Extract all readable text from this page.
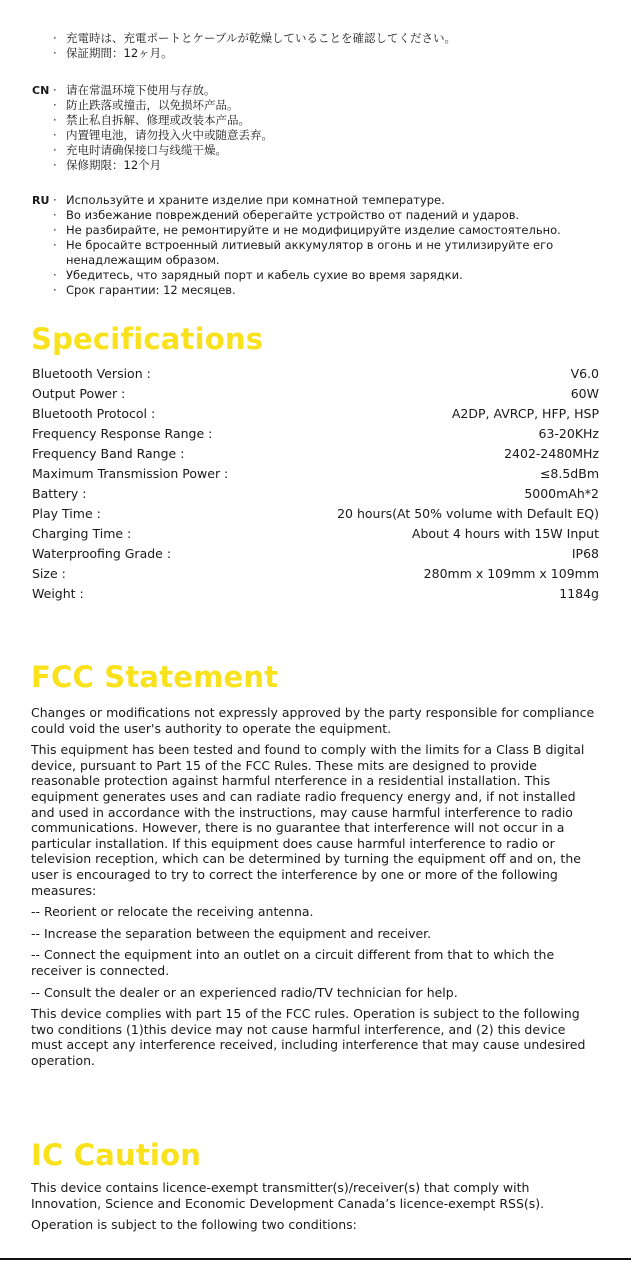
· 充電時は、充電ポートとケーブルが乾燥していることを確認してください。
· 保証期間：12ヶ月。
CN · 请在常温环境下使用与存放。
· 防止跌落或撞击，以免损坏产品。
· 禁止私自拆解、修理或改装本产品。
· 内置锂电池，请勿投入火中或随意丢弃。
· 充电时请确保接口与线缆干燥。
· 保修期限：12个月
RU · Используйте и храните изделие при комнатной температуре.
· Во избежание повреждений оберегайте устройство от падений и ударов.
· Не разбирайте, не ремонтируйте и не модифицируйте изделие самостоятельно.
· Не бросайте встроенный литиевый аккумулятор в огонь и не утилизируйте его
ненадлежащим образом.
· Убедитесь, что зарядный порт и кабель сухие во время зарядки.
· Срок гарантии: 12 месяцев.
Specifications
Bluetooth Version :	V6.0
Output Power :	60W
Bluetooth Protocol :	A2DP, AVRCP, HFP, HSP
Frequency Response Range :	63-20KHz
Frequency Band Range :	2402-2480MHz
Maximum Transmission Power :	≤8.5dBm
Battery :	5000mAh*2
Play Time :	20 hours(At 50% volume with Default EQ)
Charging Time :	About 4 hours with 15W Input
Waterproofing Grade :	IP68
Size :	280mm x 109mm x 109mm
Weight :	1184g
FCC Statement

Changes or modifications not expressly approved by the party responsible for compliance could void the user's authority to operate the equipment.

This equipment has been tested and found to comply with the limits for a Class B digital device, pursuant to Part 15 of the FCC Rules. These mits are designed to provide reasonable protection against harmful nterference in a residential installation. This equipment generates uses and can radiate radio frequency energy and, if not installed and used in accordance with the instructions, may cause harmful interference to radio communications. However, there is no guarantee that interference will not occur in a particular installation. If this equipment does cause harmful interference to radio or television reception, which can be determined by turning the equipment off and on, the user is encouraged to try to correct the interference by one or more of the following measures:

-- Reorient or relocate the receiving antenna.

-- Increase the separation between the equipment and receiver.

-- Connect the equipment into an outlet on a circuit different from that to which the receiver is connected.

-- Consult the dealer or an experienced radio/TV technician for help.

This device complies with part 15 of the FCC rules. Operation is subject to the following two conditions (1)this device may not cause harmful interference, and (2) this device must accept any interference received, including interference that may cause undesired operation.

IC Caution

This device contains licence-exempt transmitter(s)/receiver(s) that comply with Innovation, Science and Economic Development Canada’s licence-exempt RSS(s).

Operation is subject to the following two conditions:
